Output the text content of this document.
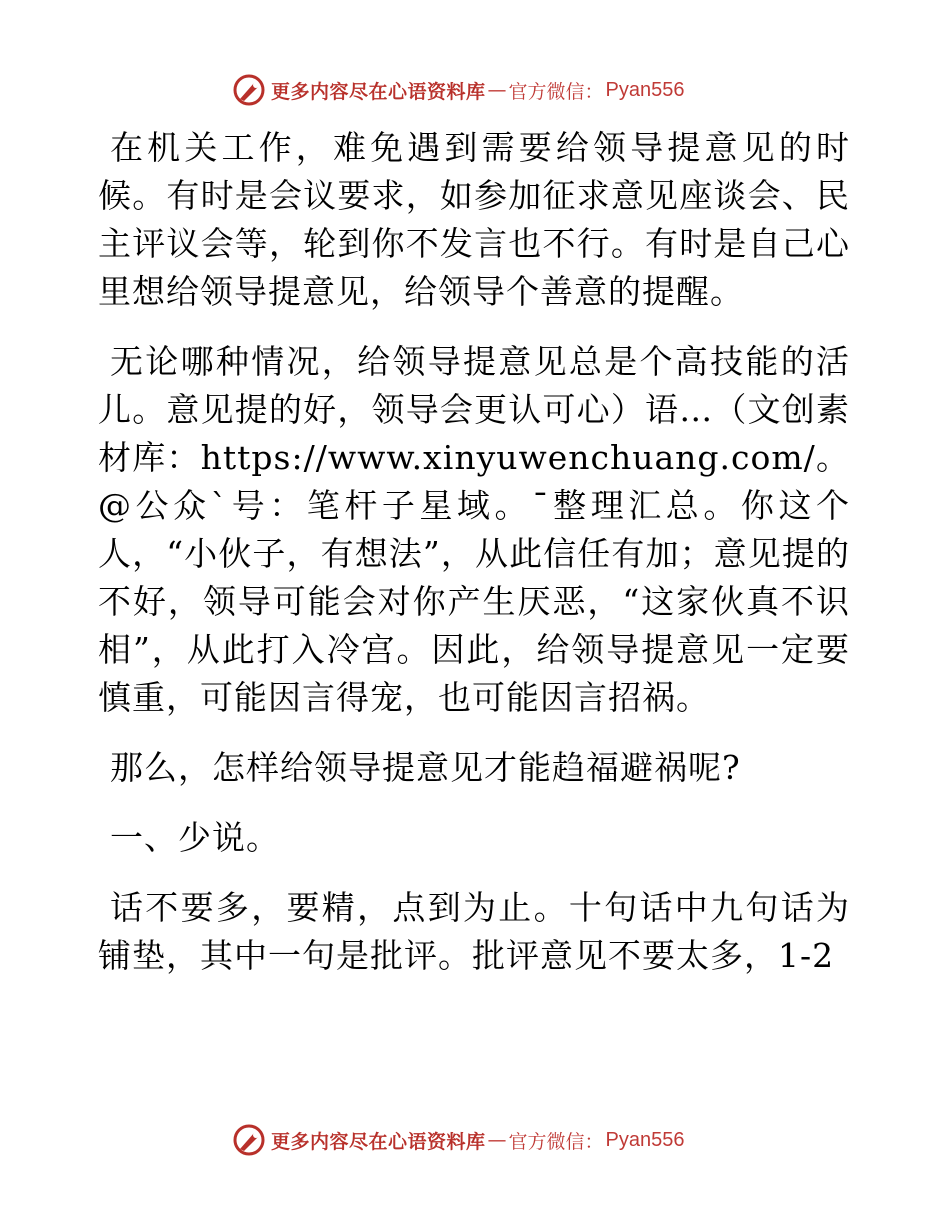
更多内容尽在心语资料库 — 官方微信： Pyan556

在机关工作，难免遇到需要给领导提意见的时候。有时是会议要求，如参加征求意见座谈会、民主评议会等，轮到你不发言也不行。有时是自己心里想给领导提意见，给领导个善意的提醒。

无论哪种情况，给领导提意见总是个高技能的活儿。意见提的好，领导会更认可心）语…（文创素材库：https://www.xinyuwenchuang.com/。@公众`号：笔杆子星域。¯整理汇总。你这个人，“小伙子，有想法”，从此信任有加；意见提的不好，领导可能会对你产生厌恶，“这家伙真不识相”，从此打入冷宫。因此，给领导提意见一定要慎重，可能因言得宠，也可能因言招祸。

那么，怎样给领导提意见才能趋福避祸呢?

一、少说。

话不要多，要精，点到为止。十句话中九句话为铺垫，其中一句是批评。批评意见不要太多，1-2

更多内容尽在心语资料库 — 官方微信： Pyan556
